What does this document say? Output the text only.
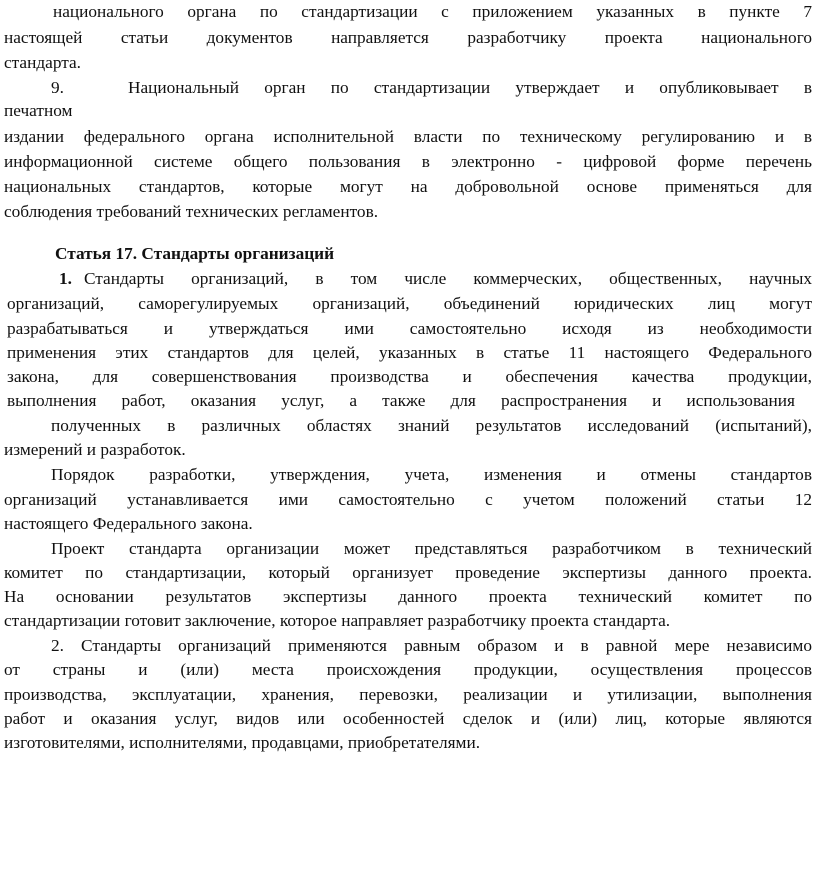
национального органа по стандартизации с приложением указанных в пункте 7
настоящей статьи документов направляется разработчику проекта национального
стандарта.
9.	Национальный орган по стандартизации утверждает и опубликовывает в
печатном
издании федерального органа исполнительной власти по техническому регулированию и в
информационной системе общего пользования в электронно - цифровой форме перечень
национальных стандартов, которые могут на добровольной основе применяться для
соблюдения требований технических регламентов.
Статья 17. Стандарты организаций
1. Стандарты организаций, в том числе коммерческих, общественных, научных
организаций, саморегулируемых организаций, объединений юридических лиц могут
разрабатываться и утверждаться ими самостоятельно исходя из необходимости
применения этих стандартов для целей, указанных в статье 11 настоящего Федерального
закона, для совершенствования производства и обеспечения качества продукции,
выполнения работ, оказания услуг, а также для распространения и использования
полученных в различных областях знаний результатов исследований (испытаний),
измерений и разработок.
Порядок разработки, утверждения, учета, изменения и отмены стандартов
организаций устанавливается ими самостоятельно с учетом положений статьи 12
настоящего Федерального закона.
Проект стандарта организации может представляться разработчиком в технический
комитет по стандартизации, который организует проведение экспертизы данного проекта.
На основании результатов экспертизы данного проекта технический комитет по
стандартизации готовит заключение, которое направляет разработчику проекта стандарта.
2. Стандарты организаций применяются равным образом и в равной мере независимо
от страны и (или) места происхождения продукции, осуществления процессов
производства, эксплуатации, хранения, перевозки, реализации и утилизации, выполнения
работ и оказания услуг, видов или особенностей сделок и (или) лиц, которые являются
изготовителями, исполнителями, продавцами, приобретателями.
